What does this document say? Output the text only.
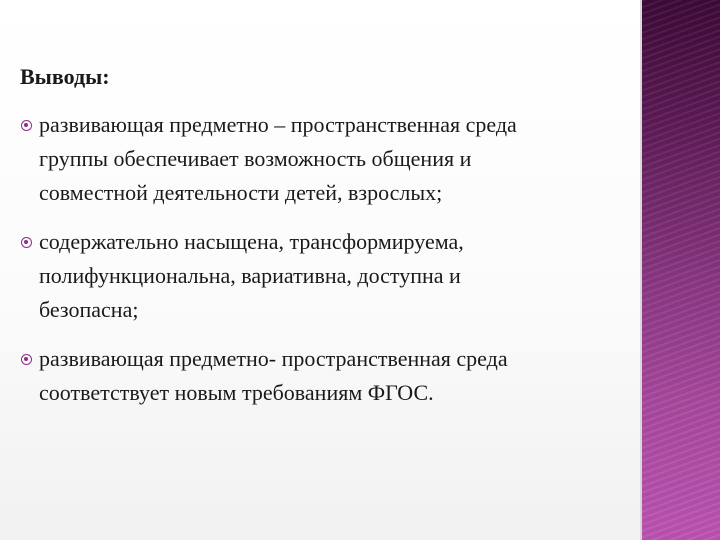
Выводы:
развивающая предметно – пространственная среда
группы обеспечивает возможность общения и
совместной деятельности детей, взрослых;
содержательно насыщена, трансформируема,
полифункциональна, вариативна, доступна и
безопасна;
развивающая предметно- пространственная среда
соответствует новым требованиям ФГОС.
